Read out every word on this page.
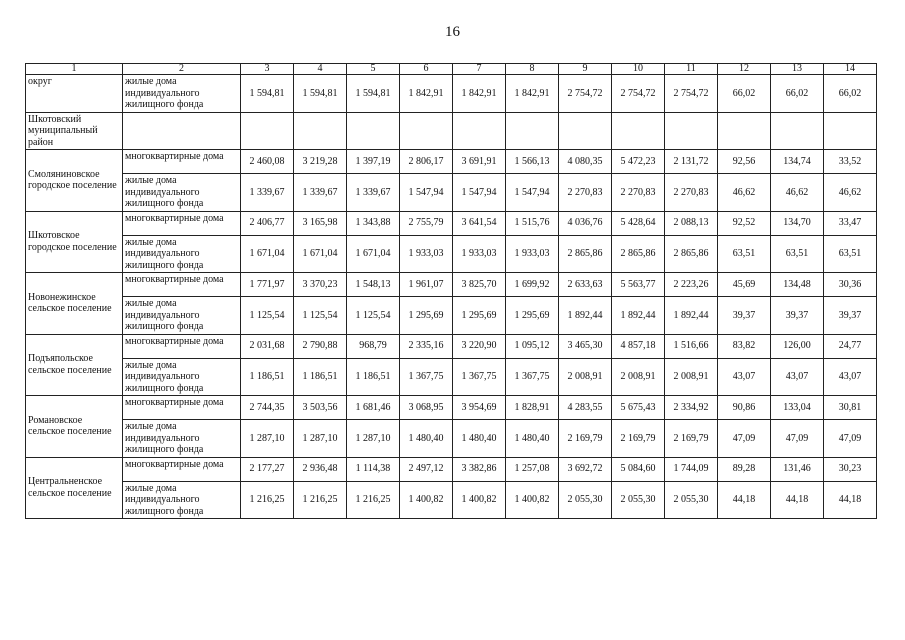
16
1	2	3	4	5	6	7	8	9	10	11	12	13	14
округ	жилые дома индивидуального жилищного фонда	1 594,81	1 594,81	1 594,81	1 842,91	1 842,91	1 842,91	2 754,72	2 754,72	2 754,72	66,02	66,02	66,02
Шкотовский муниципальный район													
Смоляниновское городское поселение	многоквартирные дома	2 460,08	3 219,28	1 397,19	2 806,17	3 691,91	1 566,13	4 080,35	5 472,23	2 131,72	92,56	134,74	33,52
	жилые дома индивидуального жилищного фонда	1 339,67	1 339,67	1 339,67	1 547,94	1 547,94	1 547,94	2 270,83	2 270,83	2 270,83	46,62	46,62	46,62
Шкотовское городское поселение	многоквартирные дома	2 406,77	3 165,98	1 343,88	2 755,79	3 641,54	1 515,76	4 036,76	5 428,64	2 088,13	92,52	134,70	33,47
	жилые дома индивидуального жилищного фонда	1 671,04	1 671,04	1 671,04	1 933,03	1 933,03	1 933,03	2 865,86	2 865,86	2 865,86	63,51	63,51	63,51
Новонежинское сельское поселение	многоквартирные дома	1 771,97	3 370,23	1 548,13	1 961,07	3 825,70	1 699,92	2 633,63	5 563,77	2 223,26	45,69	134,48	30,36
	жилые дома индивидуального жилищного фонда	1 125,54	1 125,54	1 125,54	1 295,69	1 295,69	1 295,69	1 892,44	1 892,44	1 892,44	39,37	39,37	39,37
Подъяпольское сельское поселение	многоквартирные дома	2 031,68	2 790,88	968,79	2 335,16	3 220,90	1 095,12	3 465,30	4 857,18	1 516,66	83,82	126,00	24,77
	жилые дома индивидуального жилищного фонда	1 186,51	1 186,51	1 186,51	1 367,75	1 367,75	1 367,75	2 008,91	2 008,91	2 008,91	43,07	43,07	43,07
Романовское сельское поселение	многоквартирные дома	2 744,35	3 503,56	1 681,46	3 068,95	3 954,69	1 828,91	4 283,55	5 675,43	2 334,92	90,86	133,04	30,81
	жилые дома индивидуального жилищного фонда	1 287,10	1 287,10	1 287,10	1 480,40	1 480,40	1 480,40	2 169,79	2 169,79	2 169,79	47,09	47,09	47,09
Центральненское сельское поселение	многоквартирные дома	2 177,27	2 936,48	1 114,38	2 497,12	3 382,86	1 257,08	3 692,72	5 084,60	1 744,09	89,28	131,46	30,23
	жилые дома индивидуального жилищного фонда	1 216,25	1 216,25	1 216,25	1 400,82	1 400,82	1 400,82	2 055,30	2 055,30	2 055,30	44,18	44,18	44,18
